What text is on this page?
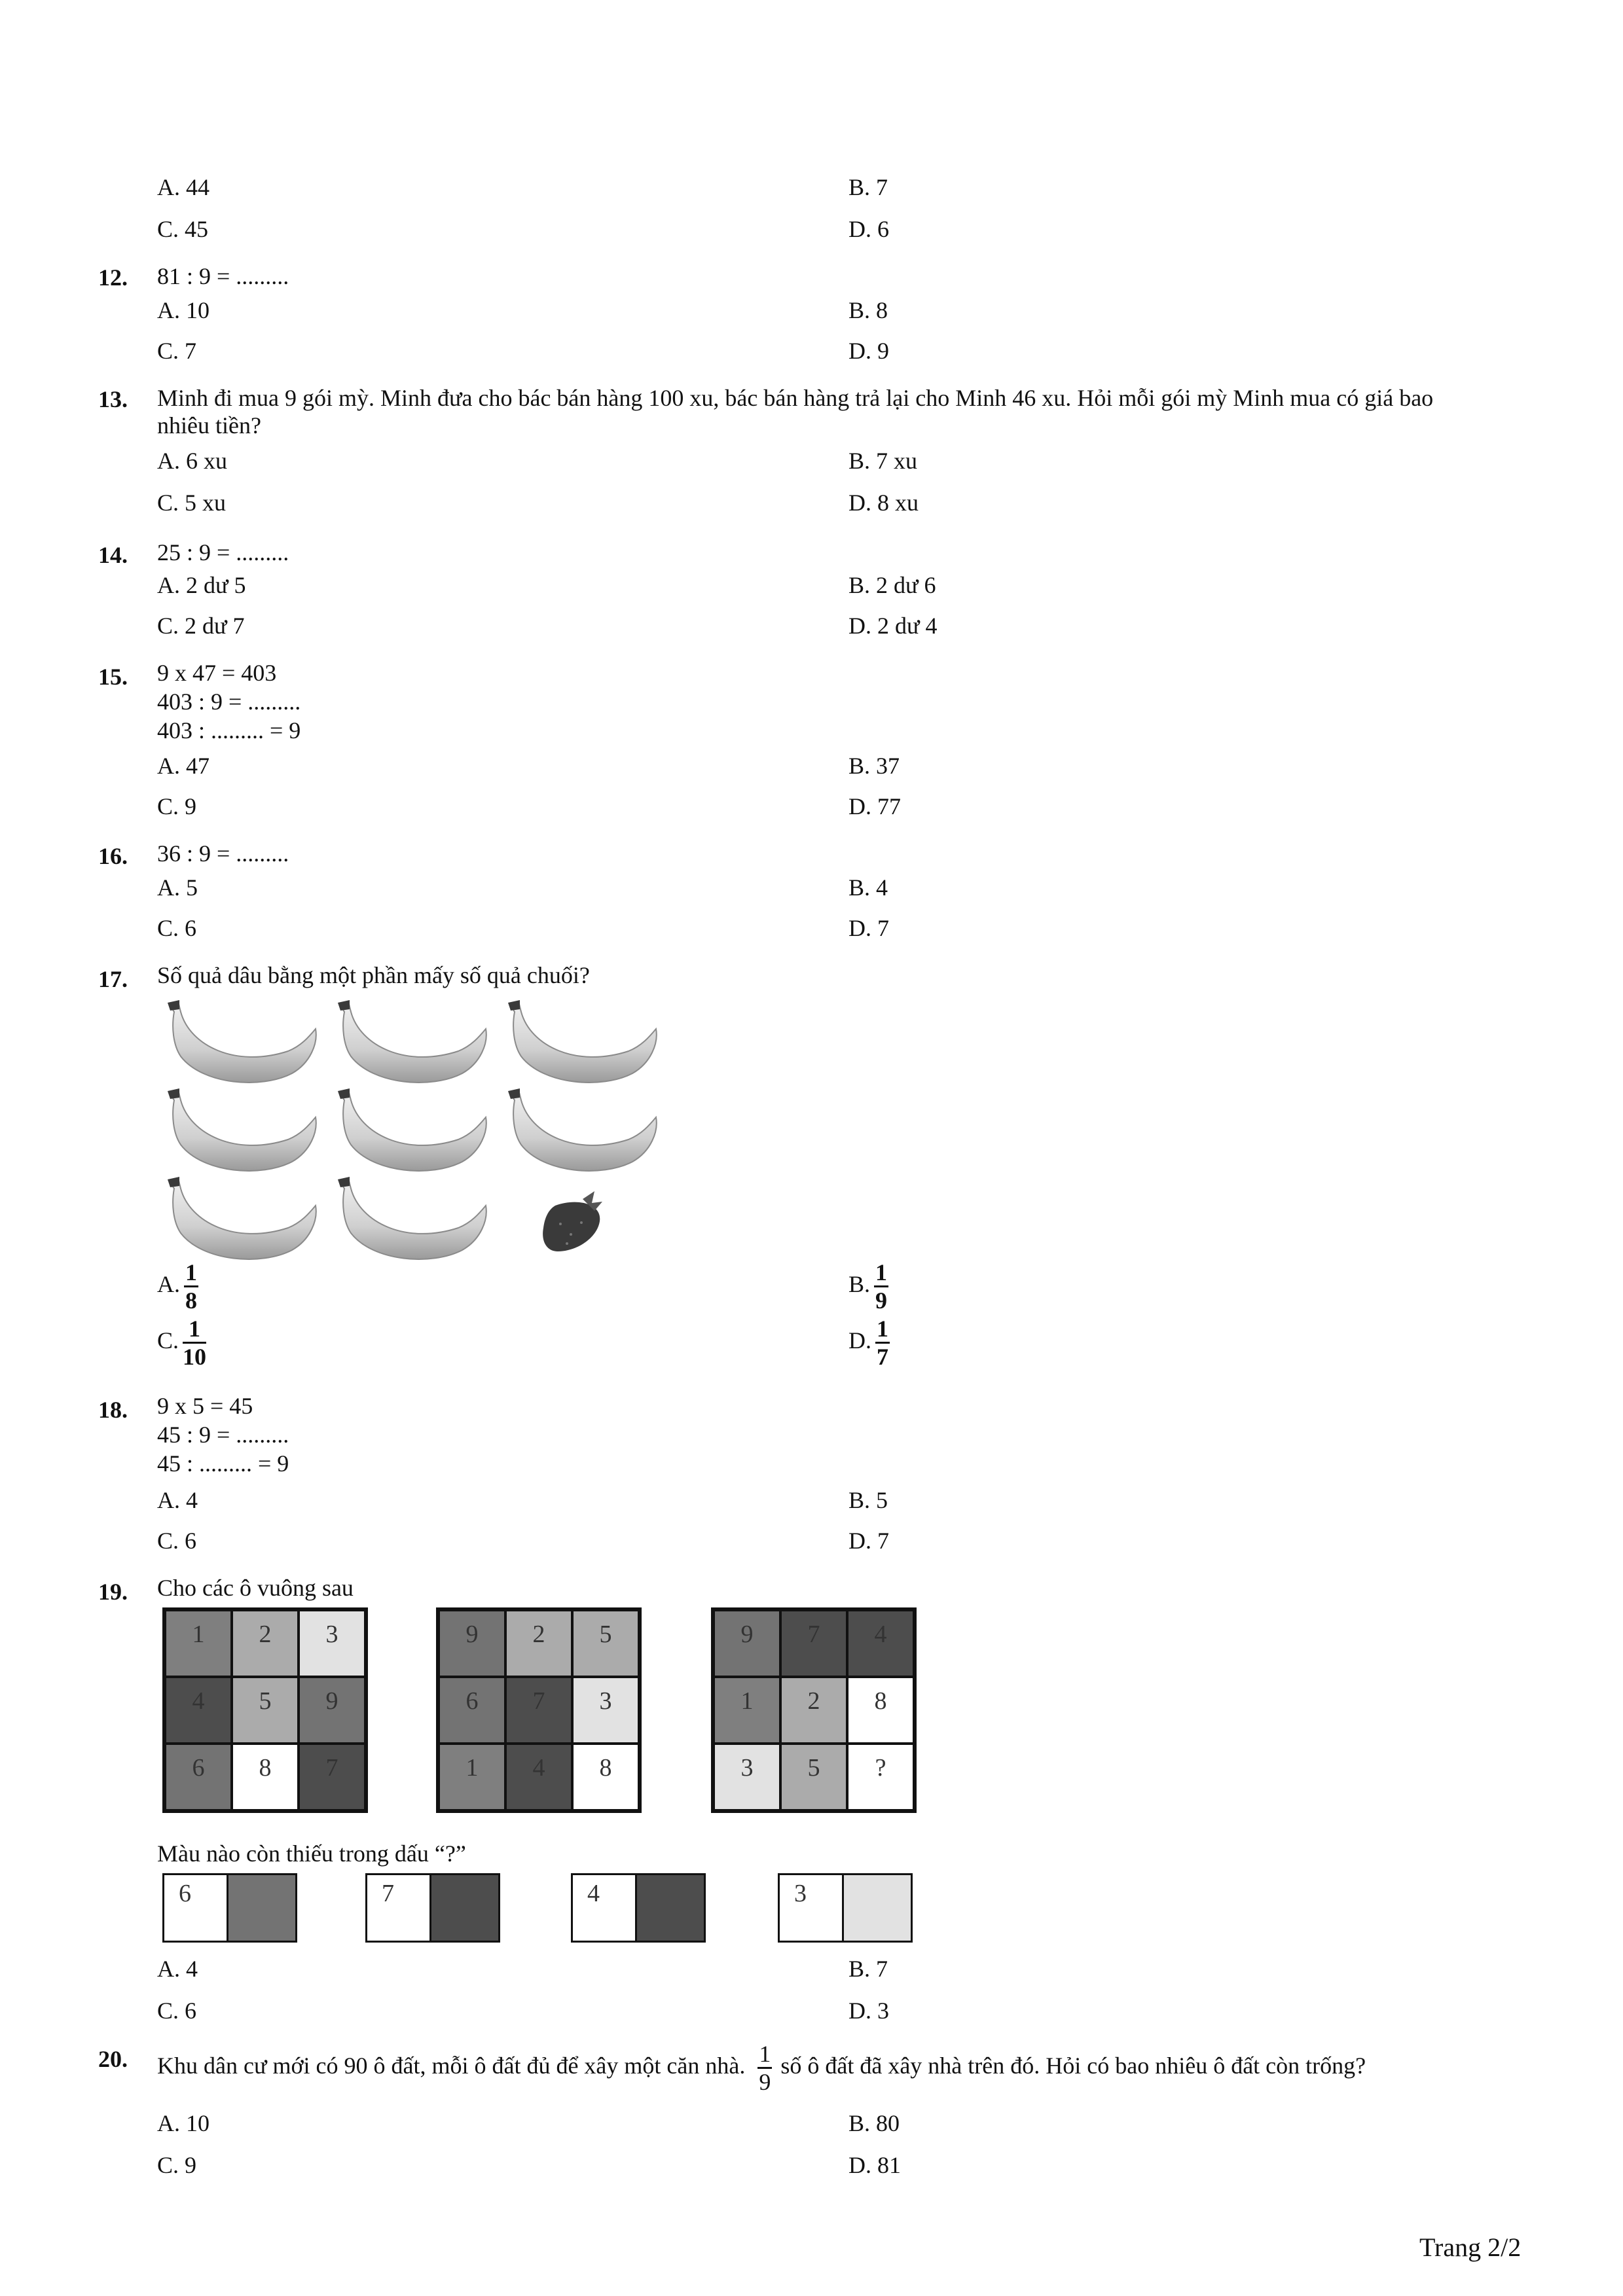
A. 44	B. 7
C. 45	D. 6
12. 81 : 9 = .........
A. 10	B. 8
C. 7	D. 9
13. Minh đi mua 9 gói mỳ. Minh đưa cho bác bán hàng 100 xu, bác bán hàng trả lại cho Minh 46 xu. Hỏi mỗi gói mỳ Minh mua có giá bao
nhiêu tiền?
A. 6 xu	B. 7 xu
C. 5 xu	D. 8 xu
14. 25 : 9 = .........
A. 2 dư 5	B. 2 dư 6
C. 2 dư 7	D. 2 dư 4
15. 9 x 47 = 403
403 : 9 = .........
403 : ......... = 9
A. 47	B. 37
C. 9	D. 77
16. 36 : 9 = .........
A. 5	B. 4
C. 6	D. 7
17. Số quả dâu bằng một phần mấy số quả chuối?
A. $\frac{1}{8}$	B. $\frac{1}{9}$
C. $\frac{1}{10}$	D. $\frac{1}{7}$
18. 9 x 5 = 45
45 : 9 = .........
45 : ......... = 9
A. 4	B. 5
C. 6	D. 7
19. Cho các ô vuông sau
1	2	3
4	5	9
6	8	7
9	2	5
6	7	3
1	4	8
9	7	4
1	2	8
3	5	?
Màu nào còn thiếu trong dấu “?”
6	7	4	3
A. 4	B. 7
C. 6	D. 3
20. Khu dân cư mới có 90 ô đất, mỗi ô đất đủ để xây một căn nhà. $\frac{1}{9}$ số ô đất đã xây nhà trên đó. Hỏi có bao nhiêu ô đất còn trống?
A. 10	B. 80
C. 9	D. 81
Trang 2/2
